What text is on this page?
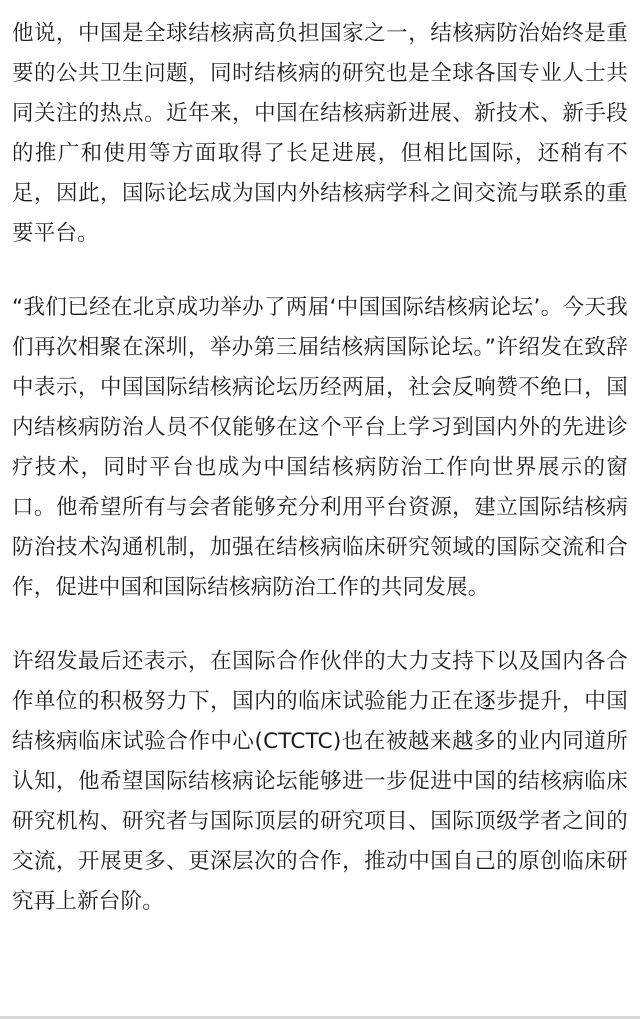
他说，中国是全球结核病高负担国家之一，结核病防治始终是重要的公共卫生问题，同时结核病的研究也是全球各国专业人士共同关注的热点。近年来，中国在结核病新进展、新技术、新手段的推广和使用等方面取得了长足进展，但相比国际，还稍有不足，因此，国际论坛成为国内外结核病学科之间交流与联系的重要平台。

“我们已经在北京成功举办了两届‘中国国际结核病论坛’。今天我们再次相聚在深圳，举办第三届结核病国际论坛。”许绍发在致辞中表示，中国国际结核病论坛历经两届，社会反响赞不绝口，国内结核病防治人员不仅能够在这个平台上学习到国内外的先进诊疗技术，同时平台也成为中国结核病防治工作向世界展示的窗口。他希望所有与会者能够充分利用平台资源，建立国际结核病防治技术沟通机制，加强在结核病临床研究领域的国际交流和合作，促进中国和国际结核病防治工作的共同发展。

许绍发最后还表示，在国际合作伙伴的大力支持下以及国内各合作单位的积极努力下，国内的临床试验能力正在逐步提升，中国结核病临床试验合作中心(CTCTC)也在被越来越多的业内同道所认知，他希望国际结核病论坛能够进一步促进中国的结核病临床研究机构、研究者与国际顶层的研究项目、国际顶级学者之间的交流，开展更多、更深层次的合作，推动中国自己的原创临床研究再上新台阶。
